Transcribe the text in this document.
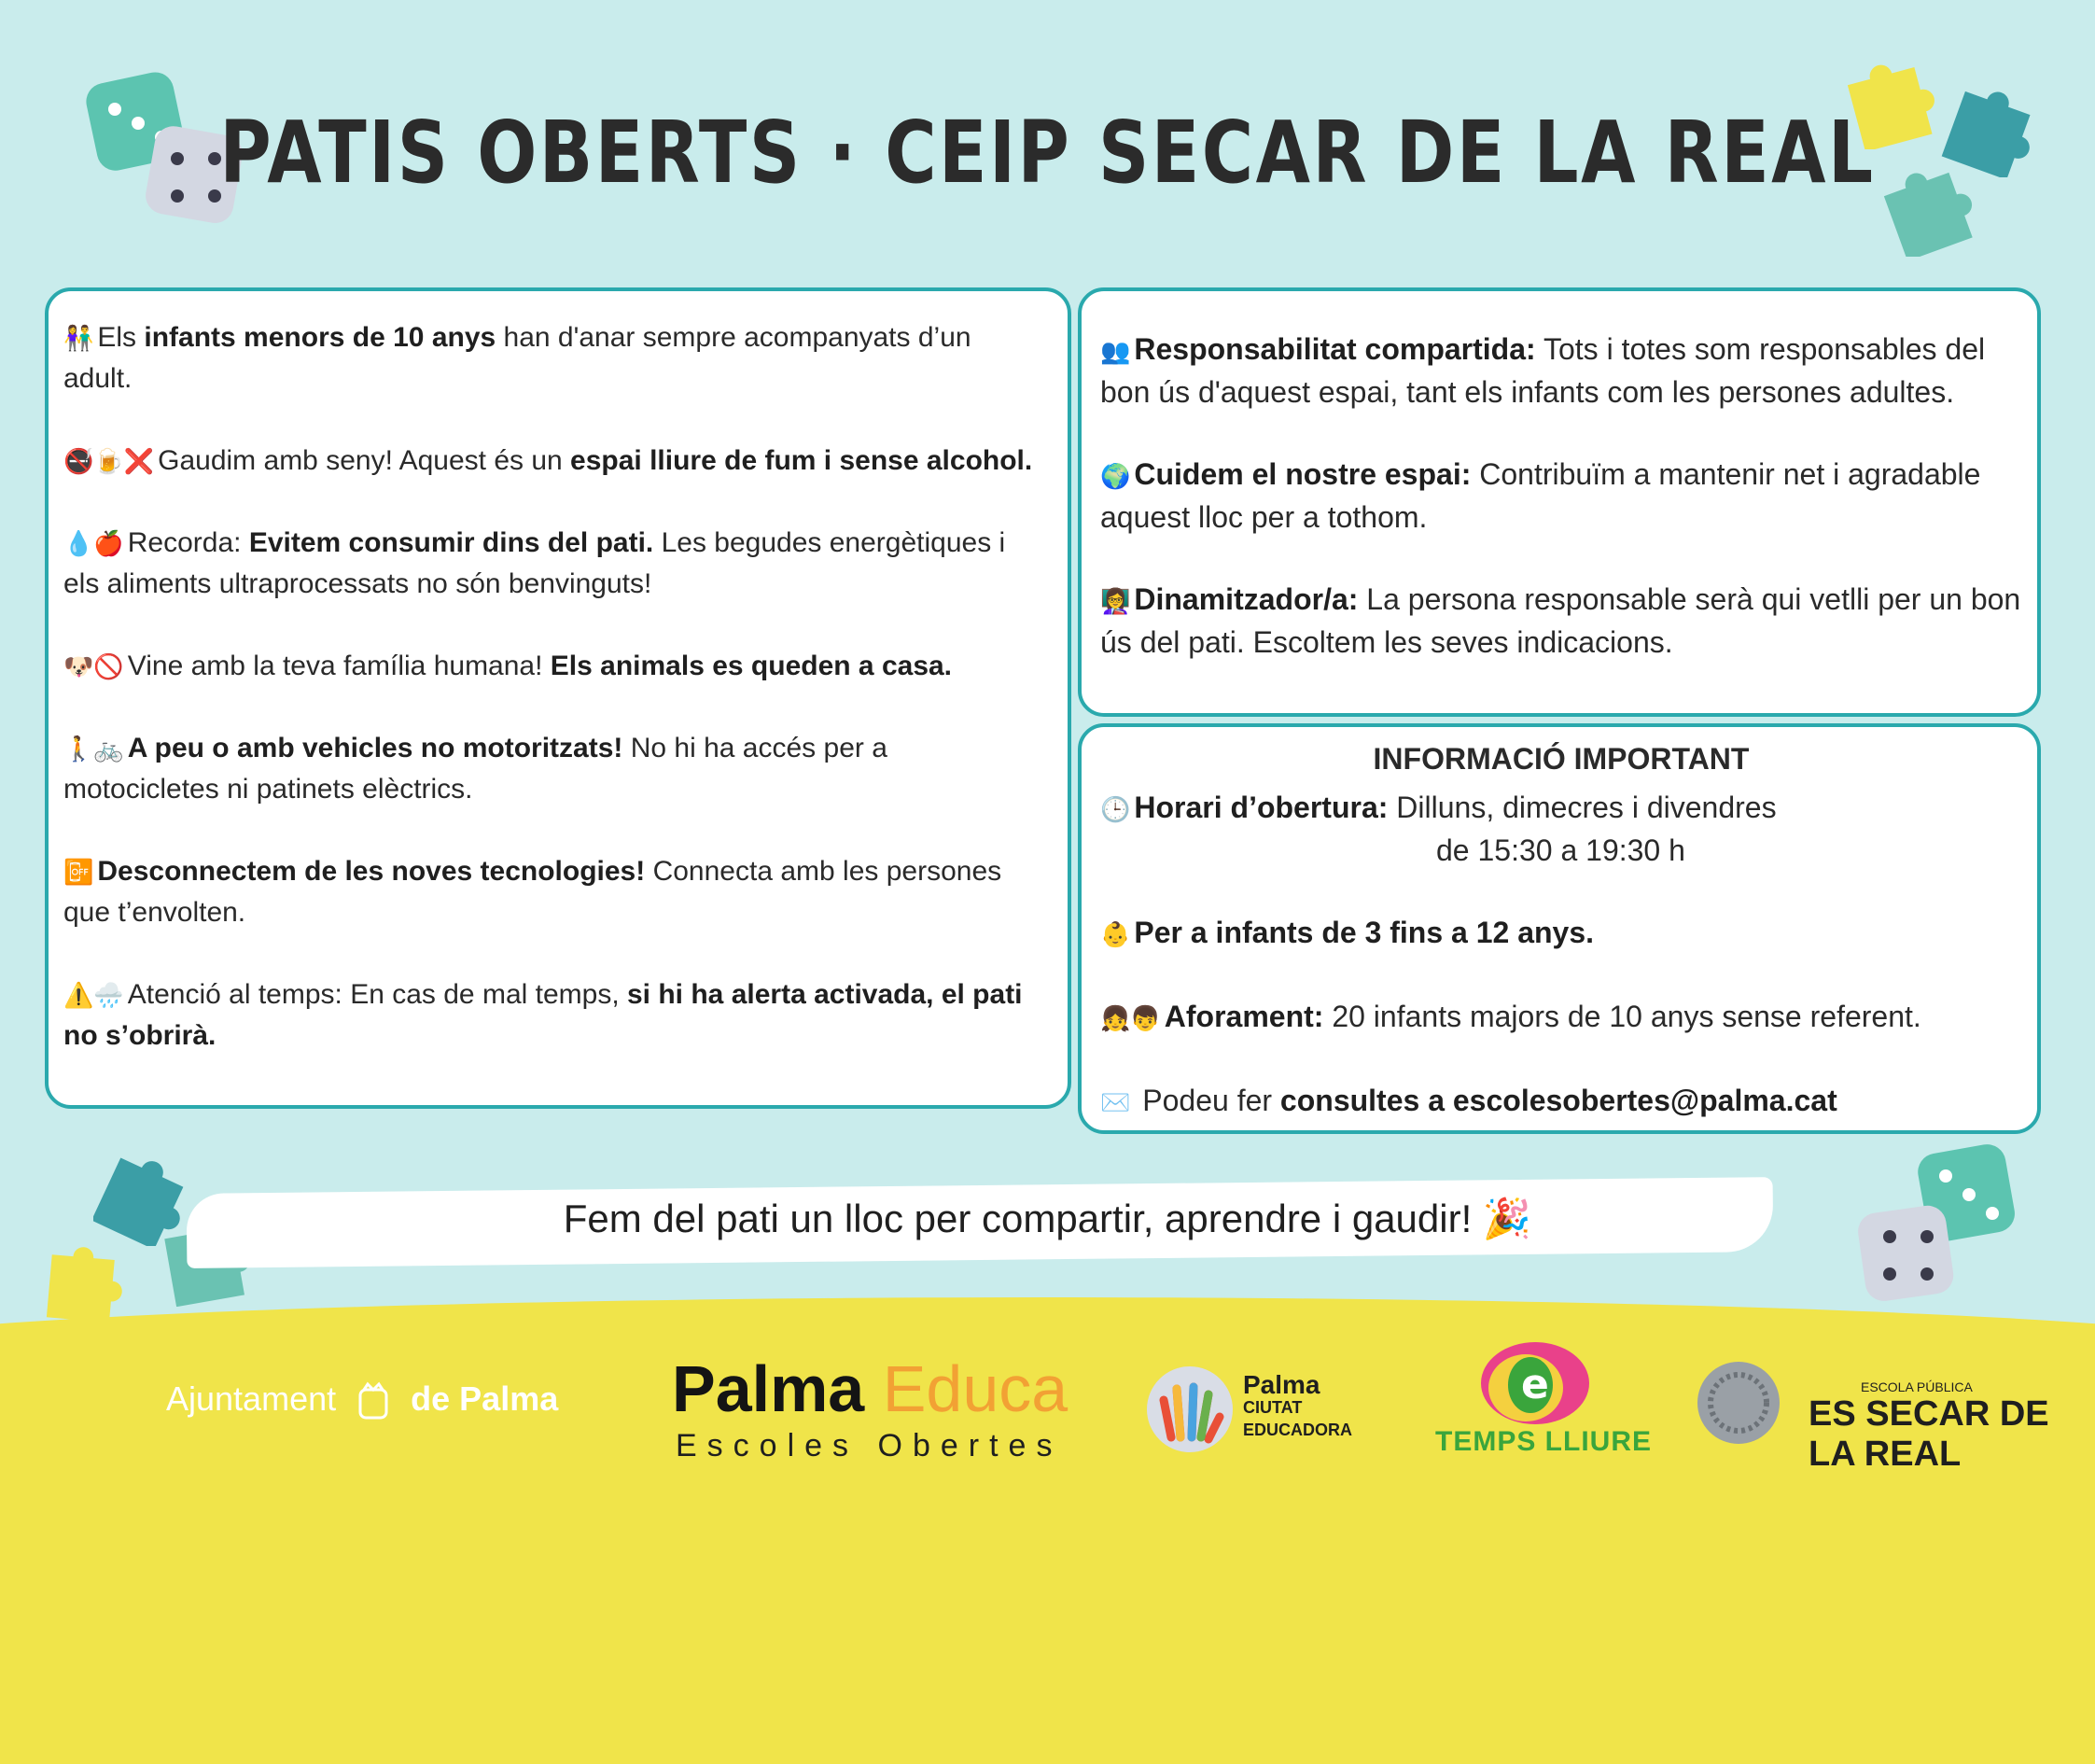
PATIS OBERTS · CEIP SECAR DE LA REAL
👫 Els infants menors de 10 anys han d'anar sempre acompanyats d’un adult.
🚭🍺❌ Gaudim amb seny! Aquest és un espai lliure de fum i sense alcohol.
💧🍎 Recorda: Evitem consumir dins del pati. Les begudes energètiques i els aliments ultraprocessats no són benvinguts!
🐶🚫 Vine amb la teva família humana! Els animals es queden a casa.
🚶🚲 A peu o amb vehicles no motoritzats! No hi ha accés per a motocicletes ni patinets elèctrics.
📴 Desconnectem de les noves tecnologies! Connecta amb les persones que t’envolten.
⚠️🌧️ Atenció al temps: En cas de mal temps, si hi ha alerta activada, el pati no s’obrirà.
👥 Responsabilitat compartida: Tots i totes som responsables del bon ús d'aquest espai, tant els infants com les persones adultes.
🌍 Cuidem el nostre espai: Contribuïm a mantenir net i agradable aquest lloc per a tothom.
👩‍🏫 Dinamitzador/a: La persona responsable serà qui vetlli per un bon ús del pati. Escoltem les seves indicacions.
INFORMACIÓ IMPORTANT
🕒 Horari d’obertura: Dilluns, dimecres i divendres
de 15:30 a 19:30 h
👶 Per a infants de 3 fins a 12 anys.
👧👦 Aforament: 20 infants majors de 10 anys sense referent.
✉️ Podeu fer consultes a escolesobertes@palma.cat
Fem del pati un lloc per compartir, aprendre i gaudir! 🎉
Ajuntament de Palma Palma Educa
Escoles Obertes
Palma
CIUTAT
EDUCADORA
e
TEMPS LLIURE
ESCOLA PÚBLICA
ES SECAR DE LA REAL
